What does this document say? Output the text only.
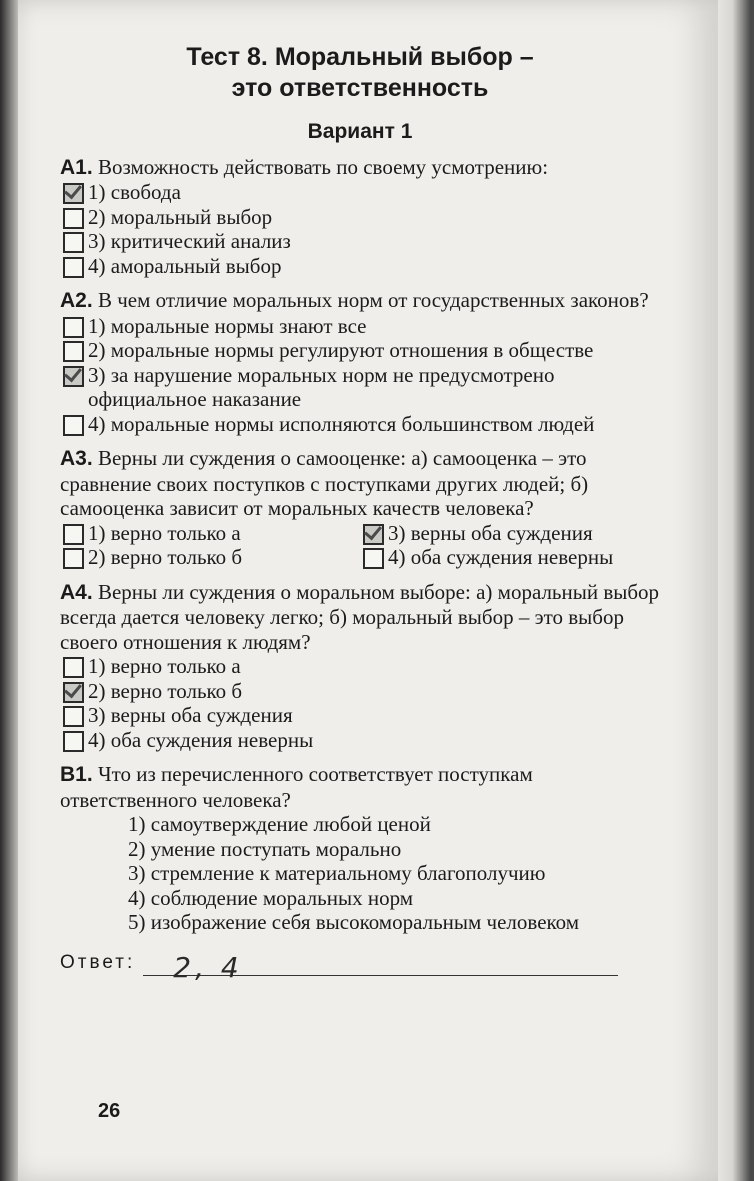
Тест 8. Моральный выбор –
это ответственность
Вариант 1

А1. Возможность действовать по своему усмотрению:

1) свобода
2) моральный выбор
3) критический анализ
4) аморальный выбор

А2. В чем отличие моральных норм от государственных законов?

1) моральные нормы знают все
2) моральные нормы регулируют отношения в обществе
3) за нарушение моральных норм не предусмотрено официальное наказание
4) моральные нормы исполняются большинством людей

А3. Верны ли суждения о самооценке: а) самооценка – это сравнение своих поступков с поступками других людей; б) самооценка зависит от моральных качеств человека?

1) верно только а	3) верны оба суждения
2) верно только б	4) оба суждения неверны

А4. Верны ли суждения о моральном выборе: а) моральный выбор всегда дается человеку легко; б) моральный выбор – это выбор своего отношения к людям?

1) верно только а
2) верно только б
3) верны оба суждения
4) оба суждения неверны

В1. Что из перечисленного соответствует поступкам ответственного человека?

1) самоутверждение любой ценой

2) умение поступать морально

3) стремление к материальному благополучию

4) соблюдение моральных норм

5) изображение себя высокоморальным человеком

Ответ: 2, 4
26
